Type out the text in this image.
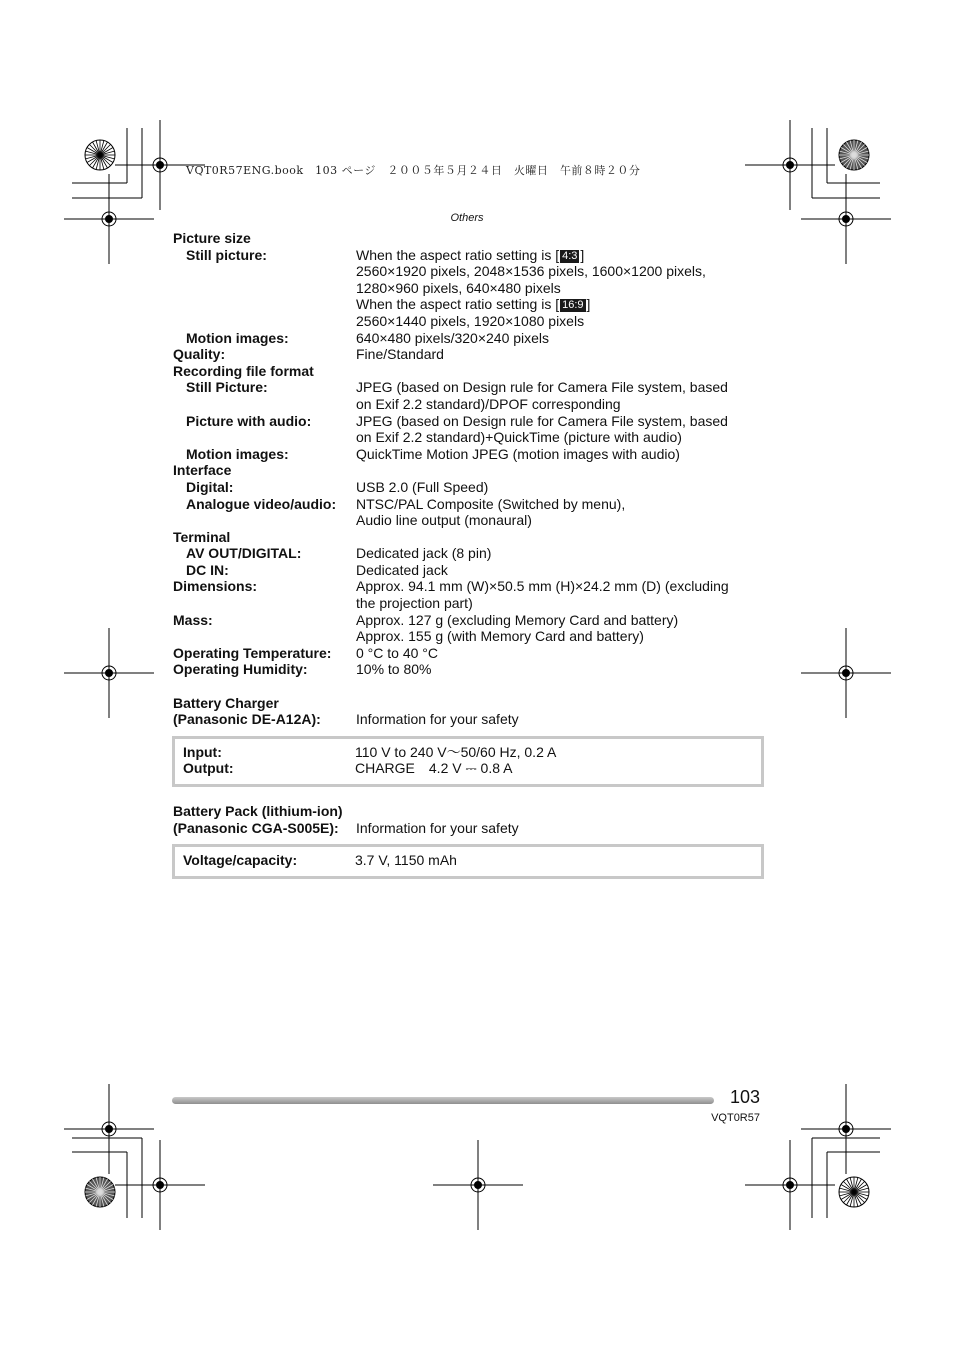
VQT0R57ENG.book　103 ページ　２００５年５月２４日　火曜日　午前８時２０分
Others
Picture size
Still picture:	When the aspect ratio setting is [ 4:3 ]
2560×1920 pixels, 2048×1536 pixels, 1600×1200 pixels,
1280×960 pixels, 640×480 pixels
When the aspect ratio setting is [ 16:9 ]
2560×1440 pixels, 1920×1080 pixels
Motion images:	640×480 pixels/320×240 pixels
Quality:	Fine/Standard
Recording file format
Still Picture:	JPEG (based on Design rule for Camera File system, based
on Exif 2.2 standard)/DPOF corresponding
Picture with audio:	JPEG (based on Design rule for Camera File system, based
on Exif 2.2 standard)+QuickTime (picture with audio)
Motion images:	QuickTime Motion JPEG (motion images with audio)
Interface
Digital:	USB 2.0 (Full Speed)
Analogue video/audio:	NTSC/PAL Composite (Switched by menu),
Audio line output (monaural)
Terminal
AV OUT/DIGITAL:	Dedicated jack (8 pin)
DC IN:	Dedicated jack
Dimensions:	Approx. 94.1 mm (W)×50.5 mm (H)×24.2 mm (D) (excluding
the projection part)
Mass:	Approx. 127 g (excluding Memory Card and battery)
Approx. 155 g (with Memory Card and battery)
Operating Temperature:	0 °C to 40 °C
Operating Humidity:	10% to 80%
Battery Charger
(Panasonic DE-A12A):	Information for your safety
Input:	110 V to 240 V～50/60 Hz, 0.2 A
Output:	CHARGE　4.2 V ⎓ 0.8 A
Battery Pack (lithium-ion)
(Panasonic CGA-S005E):	Information for your safety
Voltage/capacity:	3.7 V, 1150 mAh
103
VQT0R57
